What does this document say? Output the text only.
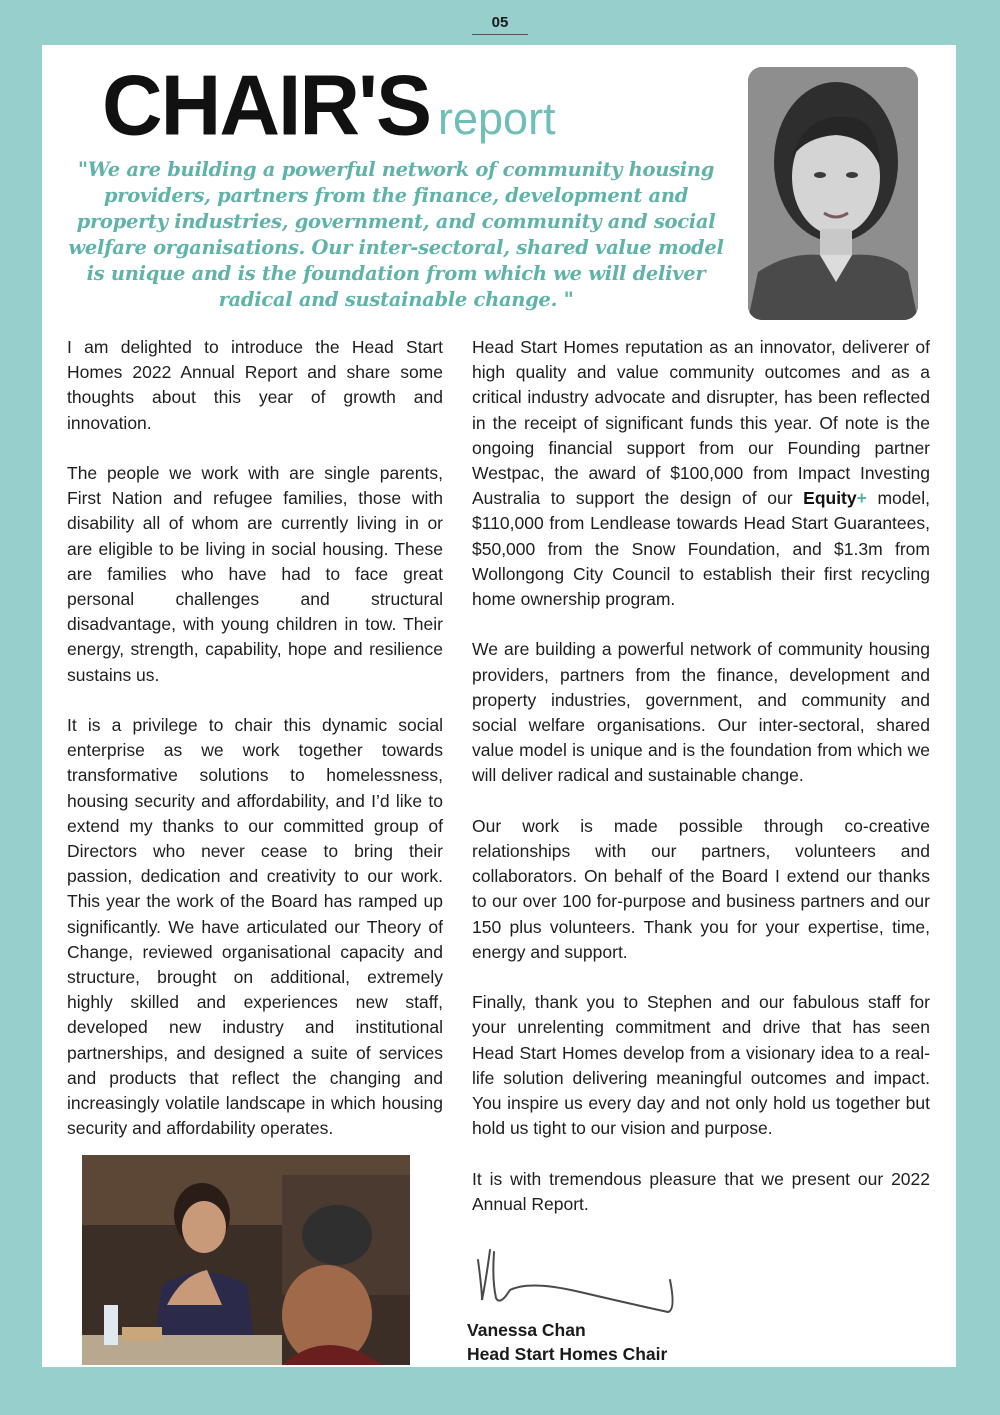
05
CHAIR'S report
"We are building a powerful network of community housing providers, partners from the finance, development and property industries, government, and community and social welfare organisations. Our inter-sectoral, shared value model is unique and is the foundation from which we will deliver radical and sustainable change. "

I am delighted to introduce the Head Start Homes 2022 Annual Report and share some thoughts about this year of growth and innovation.

The people we work with are single parents, First Nation and refugee families, those with disability all of whom are currently living in or are eligible to be living in social housing. These are families who have had to face great personal challenges and structural disadvantage, with young children in tow. Their energy, strength, capability, hope and resilience sustains us.

It is a privilege to chair this dynamic social enterprise as we work together towards transformative solutions to homelessness, housing security and affordability, and I’d like to extend my thanks to our committed group of Directors who never cease to bring their passion, dedication and creativity to our work. This year the work of the Board has ramped up significantly. We have articulated our Theory of Change, reviewed organisational capacity and structure, brought on additional, extremely highly skilled and experiences new staff, developed new industry and institutional partnerships, and designed a suite of services and products that reflect the changing and increasingly volatile landscape in which housing security and affordability operates.

Head Start Homes reputation as an innovator, deliverer of high quality and value community outcomes and as a critical industry advocate and disrupter, has been reflected in the receipt of significant funds this year. Of note is the ongoing financial support from our Founding partner Westpac, the award of $100,000 from Impact Investing Australia to support the design of our Equity+ model, $110,000 from Lendlease towards Head Start Guarantees, $50,000 from the Snow Foundation, and $1.3m from Wollongong City Council to establish their first recycling home ownership program.

We are building a powerful network of community housing providers, partners from the finance, development and property industries, government, and community and social welfare organisations. Our inter-sectoral, shared value model is unique and is the foundation from which we will deliver radical and sustainable change.

Our work is made possible through co-creative relationships with our partners, volunteers and collaborators. On behalf of the Board I extend our thanks to our over 100 for-purpose and business partners and our 150 plus volunteers. Thank you for your expertise, time, energy and support.

Finally, thank you to Stephen and our fabulous staff for your unrelenting commitment and drive that has seen Head Start Homes develop from a visionary idea to a real-life solution delivering meaningful outcomes and impact. You inspire us every day and not only hold us together but hold us tight to our vision and purpose.

It is with tremendous pleasure that we present our 2022 Annual Report.

Vanessa Chan
Head Start Homes Chair
